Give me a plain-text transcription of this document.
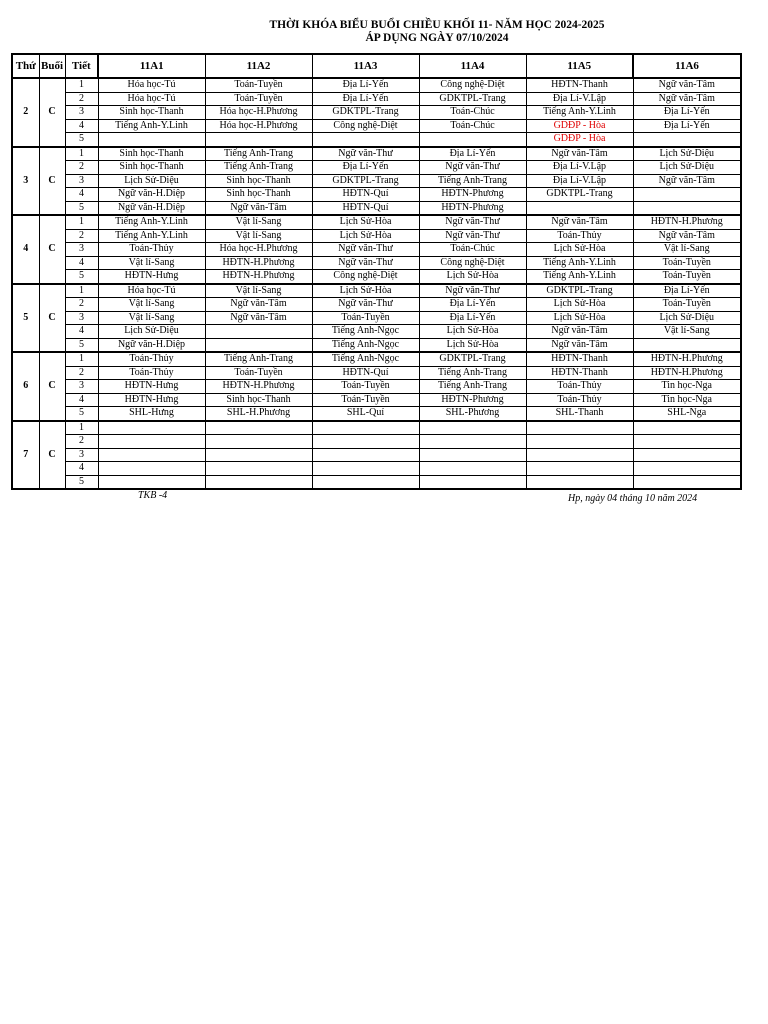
THỜI KHÓA BIỂU BUỔI CHIỀU KHỐI 11- NĂM HỌC 2024-2025
ÁP DỤNG NGÀY 07/10/2024
Thứ	Buổi	Tiết	11A1	11A2	11A3	11A4	11A5	11A6
2	C	1	Hóa học-Tú	Toán-Tuyền	Địa Lí-Yến	Công nghệ-Diệt	HĐTN-Thanh	Ngữ văn-Tâm
		2	Hóa học-Tú	Toán-Tuyền	Địa Lí-Yến	GDKTPL-Trang	Địa Lí-V.Lập	Ngữ văn-Tâm
		3	Sinh học-Thanh	Hóa học-H.Phương	GDKTPL-Trang	Toán-Chúc	Tiếng Anh-Y.Linh	Địa Lí-Yến
		4	Tiếng Anh-Y.Linh	Hóa học-H.Phương	Công nghệ-Diệt	Toán-Chúc	GDĐP - Hòa	Địa Lí-Yến
		5					GDĐP - Hòa	
3	C	1	Sinh học-Thanh	Tiếng Anh-Trang	Ngữ văn-Thư	Địa Lí-Yến	Ngữ văn-Tâm	Lịch Sử-Diệu
		2	Sinh học-Thanh	Tiếng Anh-Trang	Địa Lí-Yến	Ngữ văn-Thư	Địa Lí-V.Lập	Lịch Sử-Diệu
		3	Lịch Sử-Diệu	Sinh học-Thanh	GDKTPL-Trang	Tiếng Anh-Trang	Địa Lí-V.Lập	Ngữ văn-Tâm
		4	Ngữ văn-H.Diệp	Sinh học-Thanh	HĐTN-Quí	HĐTN-Phương	GDKTPL-Trang	
		5	Ngữ văn-H.Diệp	Ngữ văn-Tâm	HĐTN-Quí	HĐTN-Phương		
4	C	1	Tiếng Anh-Y.Linh	Vật lí-Sang	Lịch Sử-Hòa	Ngữ văn-Thư	Ngữ văn-Tâm	HĐTN-H.Phương
		2	Tiếng Anh-Y.Linh	Vật lí-Sang	Lịch Sử-Hòa	Ngữ văn-Thư	Toán-Thủy	Ngữ văn-Tâm
		3	Toán-Thủy	Hóa học-H.Phương	Ngữ văn-Thư	Toán-Chúc	Lịch Sử-Hòa	Vật lí-Sang
		4	Vật lí-Sang	HĐTN-H.Phương	Ngữ văn-Thư	Công nghệ-Diệt	Tiếng Anh-Y.Linh	Toán-Tuyền
		5	HĐTN-Hưng	HĐTN-H.Phương	Công nghệ-Diệt	Lịch Sử-Hòa	Tiếng Anh-Y.Linh	Toán-Tuyền
5	C	1	Hóa học-Tú	Vật lí-Sang	Lịch Sử-Hòa	Ngữ văn-Thư	GDKTPL-Trang	Địa Lí-Yến
		2	Vật lí-Sang	Ngữ văn-Tâm	Ngữ văn-Thư	Địa Lí-Yến	Lịch Sử-Hòa	Toán-Tuyền
		3	Vật lí-Sang	Ngữ văn-Tâm	Toán-Tuyền	Địa Lí-Yến	Lịch Sử-Hòa	Lịch Sử-Diệu
		4	Lịch Sử-Diệu		Tiếng Anh-Ngọc	Lịch Sử-Hòa	Ngữ văn-Tâm	Vật lí-Sang
		5	Ngữ văn-H.Diệp		Tiếng Anh-Ngọc	Lịch Sử-Hòa	Ngữ văn-Tâm	
6	C	1	Toán-Thủy	Tiếng Anh-Trang	Tiếng Anh-Ngọc	GDKTPL-Trang	HĐTN-Thanh	HĐTN-H.Phương
		2	Toán-Thủy	Toán-Tuyền	HĐTN-Quí	Tiếng Anh-Trang	HĐTN-Thanh	HĐTN-H.Phương
		3	HĐTN-Hưng	HĐTN-H.Phương	Toán-Tuyền	Tiếng Anh-Trang	Toán-Thủy	Tin học-Nga
		4	HĐTN-Hưng	Sinh học-Thanh	Toán-Tuyền	HĐTN-Phương	Toán-Thủy	Tin học-Nga
		5	SHL-Hưng	SHL-H.Phương	SHL-Quí	SHL-Phương	SHL-Thanh	SHL-Nga
7	C	1						
		2						
		3						
		4						
		5						
TKB -4	Hp, ngày 04 tháng 10 năm 2024
